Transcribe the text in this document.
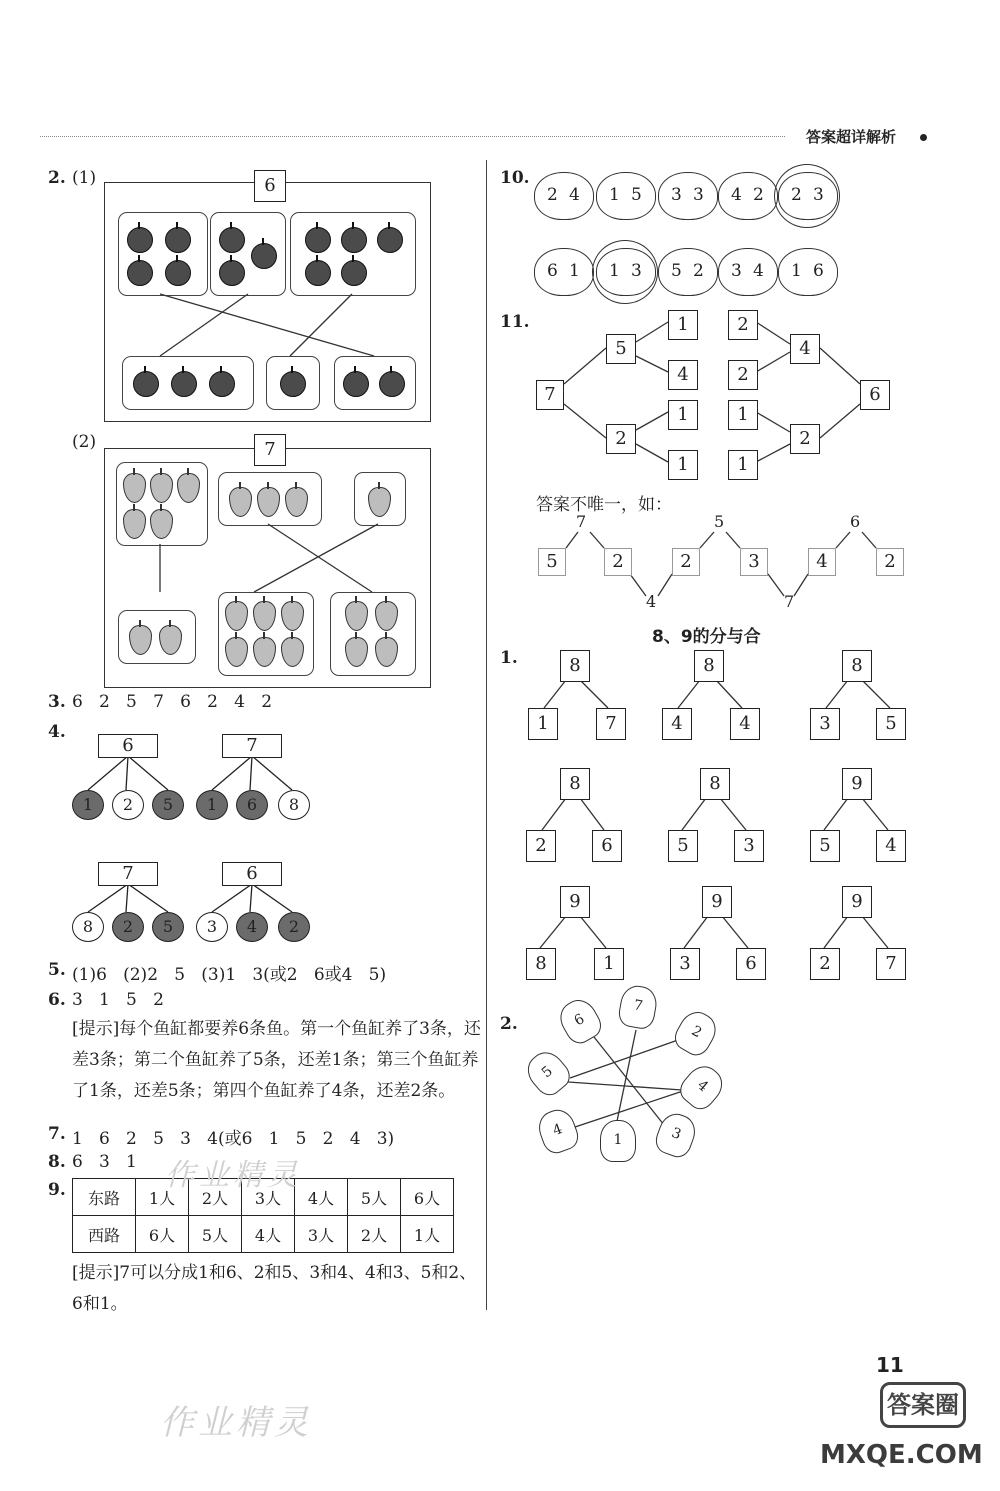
答案超详解析
2. (1)	6
(2)	7
3. 6   2   5   7   6   2   4   2
4.
6	7
7	6
1	2	5	1	6	8
8	2	5	3	4	2
5. (1)6   (2)2   5   (3)1   3(或2   6或4   5)
6. 3   1   5   2
[提示]每个鱼缸都要养6条鱼。第一个鱼缸养了3条，还差3条；第二个鱼缸养了5条，还差1条；第三个鱼缸养了1条，还差5条；第四个鱼缸养了4条，还差2条。
7. 1   6   2   5   3   4(或6   1   5   2   4   3)
8. 6   3   1
9. 东路	1人	2人	3人	4人	5人	6人
西路	6人	5人	4人	3人	2人	1人
[提示]7可以分成1和6、2和5、3和4、4和3、5和2、6和1。
作业精灵
作业精灵
10.
2 4 1 5 3 3 4 2 2 3
6 1 1 3 5 2 3 4 1 6
11.
7
5
2
1
4
1
1
2
2
1
1
4
2
6
答案不唯一，如：
7	5	6
5	2	2	3	4	2
4	7
8、9的分与合
1.	8
1	7
8
4	4
8
3	5
8
2	6
8
5	3
9
5	4
9
8	1
9
3	6
9
2	7
2.	6
7
2
5
4
4
1	3
11
答案圈
MXQE.COM
